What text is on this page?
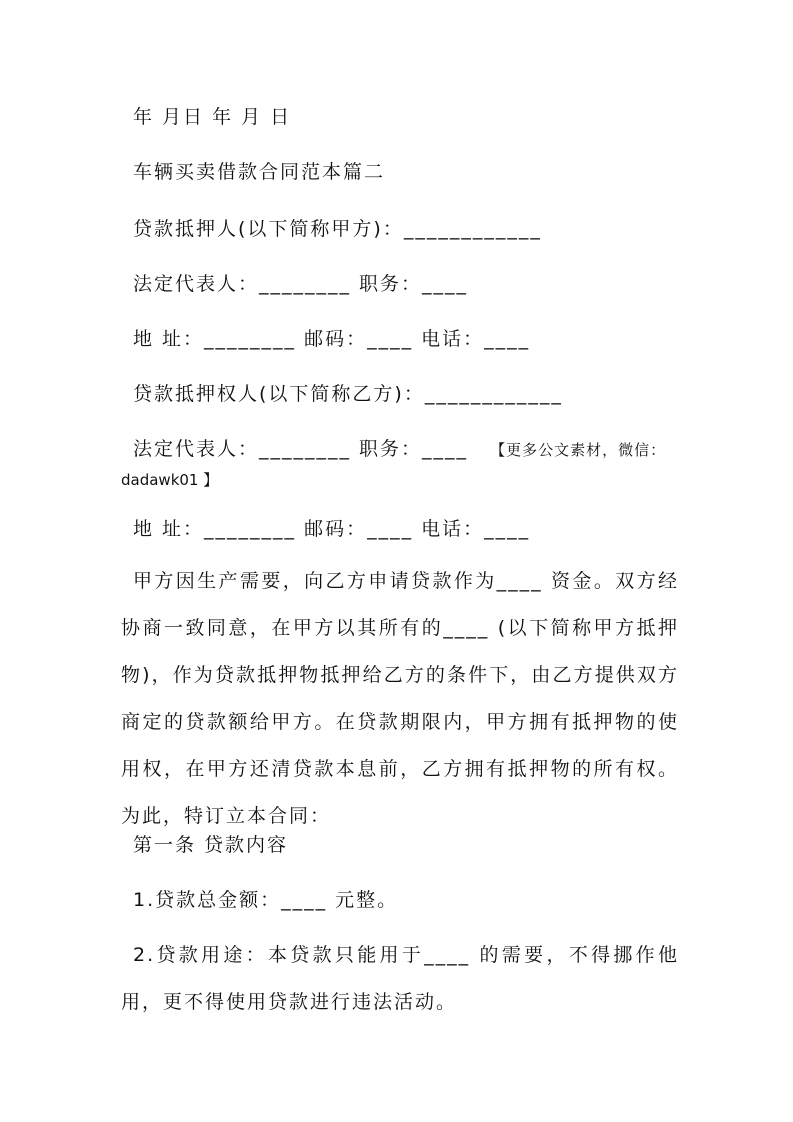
年 月日 年 月 日
车辆买卖借款合同范本篇二
贷款抵押人(以下简称甲方)：____________
法定代表人：________ 职务：____
地 址：________ 邮码：____ 电话：____
贷款抵押权人(以下简称乙方)：____________
法定代表人：________ 职务：____ 【更多公文素材，微信：
dadawk01 】
地 址：________ 邮码：____ 电话：____
甲方因生产需要，向乙方申请贷款作为____ 资金。双方经协商一致同意，在甲方以其所有的____ (以下简称甲方抵押物)，作为贷款抵押物抵押给乙方的条件下，由乙方提供双方商定的贷款额给甲方。在贷款期限内，甲方拥有抵押物的使用权，在甲方还清贷款本息前，乙方拥有抵押物的所有权。为此，特订立本合同：
第一条 贷款内容
1.贷款总金额：____ 元整。
2.贷款用途：本贷款只能用于____ 的需要，不得挪作他用，更不得使用贷款进行违法活动。
